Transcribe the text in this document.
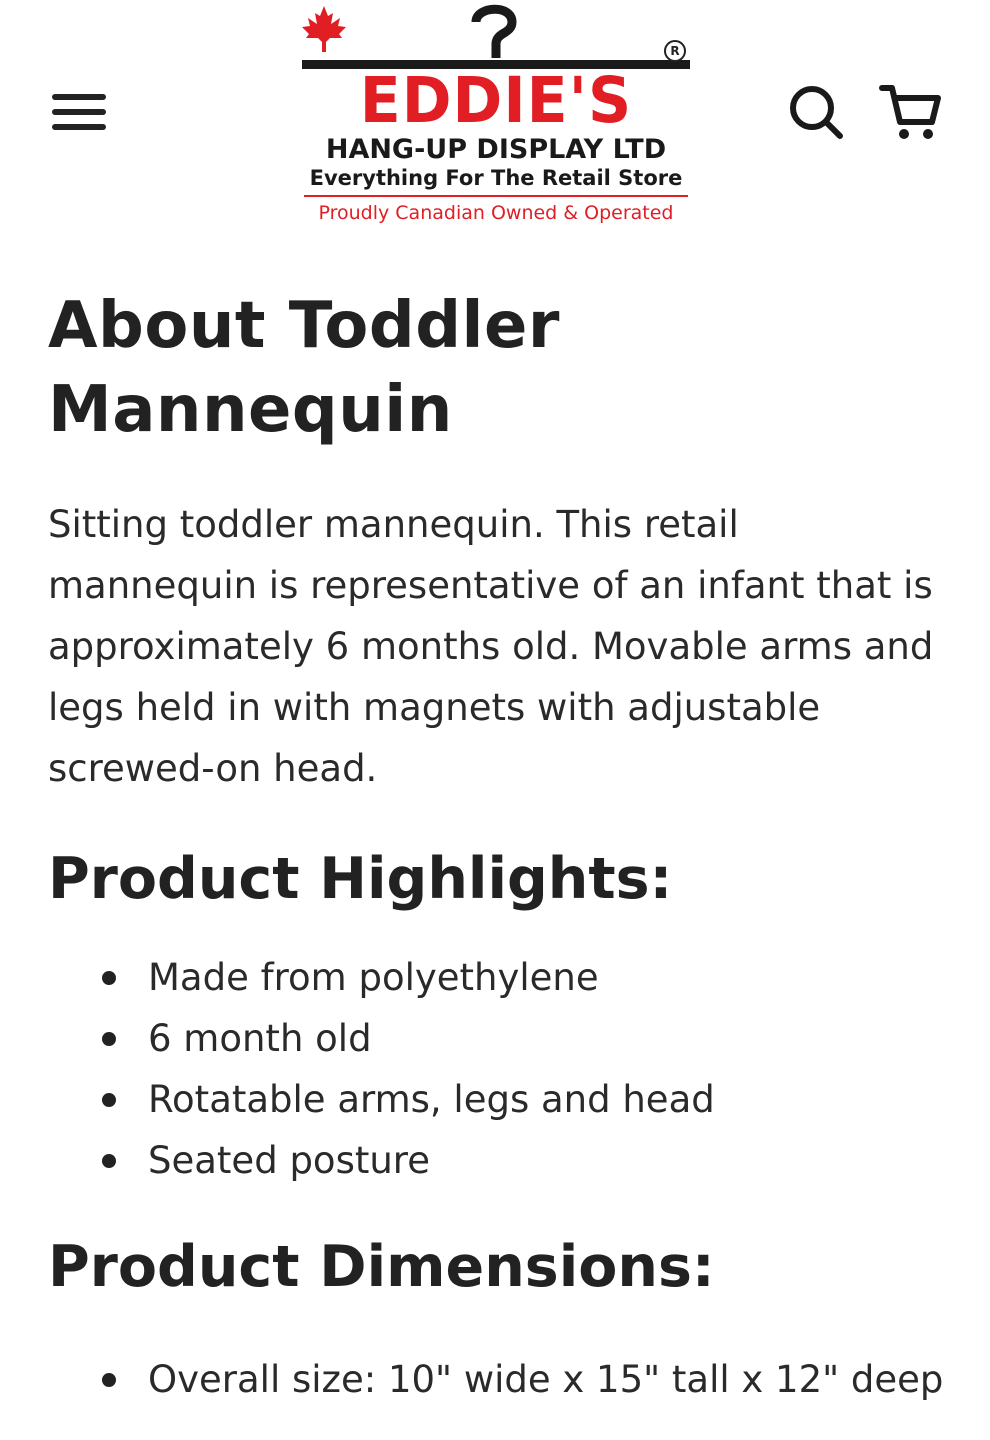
R
EDDIE'S
HANG-UP DISPLAY LTD
Everything For The Retail Store
Proudly Canadian Owned & Operated
About Toddler Mannequin

Sitting toddler mannequin. This retail mannequin is representative of an infant that is approximately 6 months old. Movable arms and legs held in with magnets with adjustable screwed-on head.

Product Highlights:
Made from polyethylene
6 month old
Rotatable arms, legs and head
Seated posture
Product Dimensions:
Overall size: 10" wide x 15" tall x 12" deep
